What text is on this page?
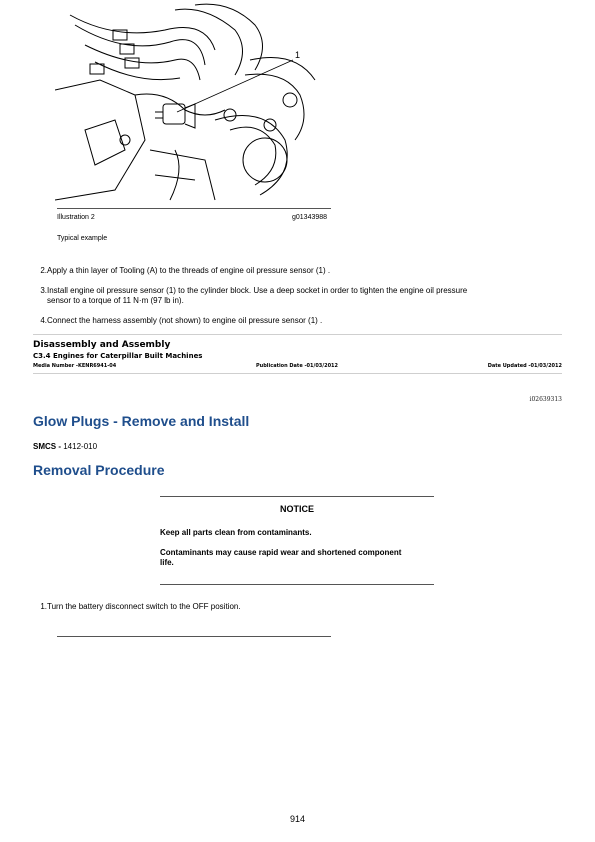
1
Illustration 2	g01343988
Typical example
2. Apply a thin layer of Tooling (A) to the threads of engine oil pressure sensor (1) .
3. Install engine oil pressure sensor (1) to the cylinder block. Use a deep socket in order to tighten the engine oil pressure
sensor to a torque of 11 N·m (97 lb in).
4. Connect the harness assembly (not shown) to engine oil pressure sensor (1) .
Disassembly and Assembly
C3.4 Engines for Caterpillar Built Machines
Media Number -KENR6941-04	Publication Date -01/03/2012	Date Updated -01/03/2012
i02639313
Glow Plugs - Remove and Install
SMCS - 1412-010
Removal Procedure
NOTICE
Keep all parts clean from contaminants.
Contaminants may cause rapid wear and shortened component
life.
1. Turn the battery disconnect switch to the OFF position.
914
